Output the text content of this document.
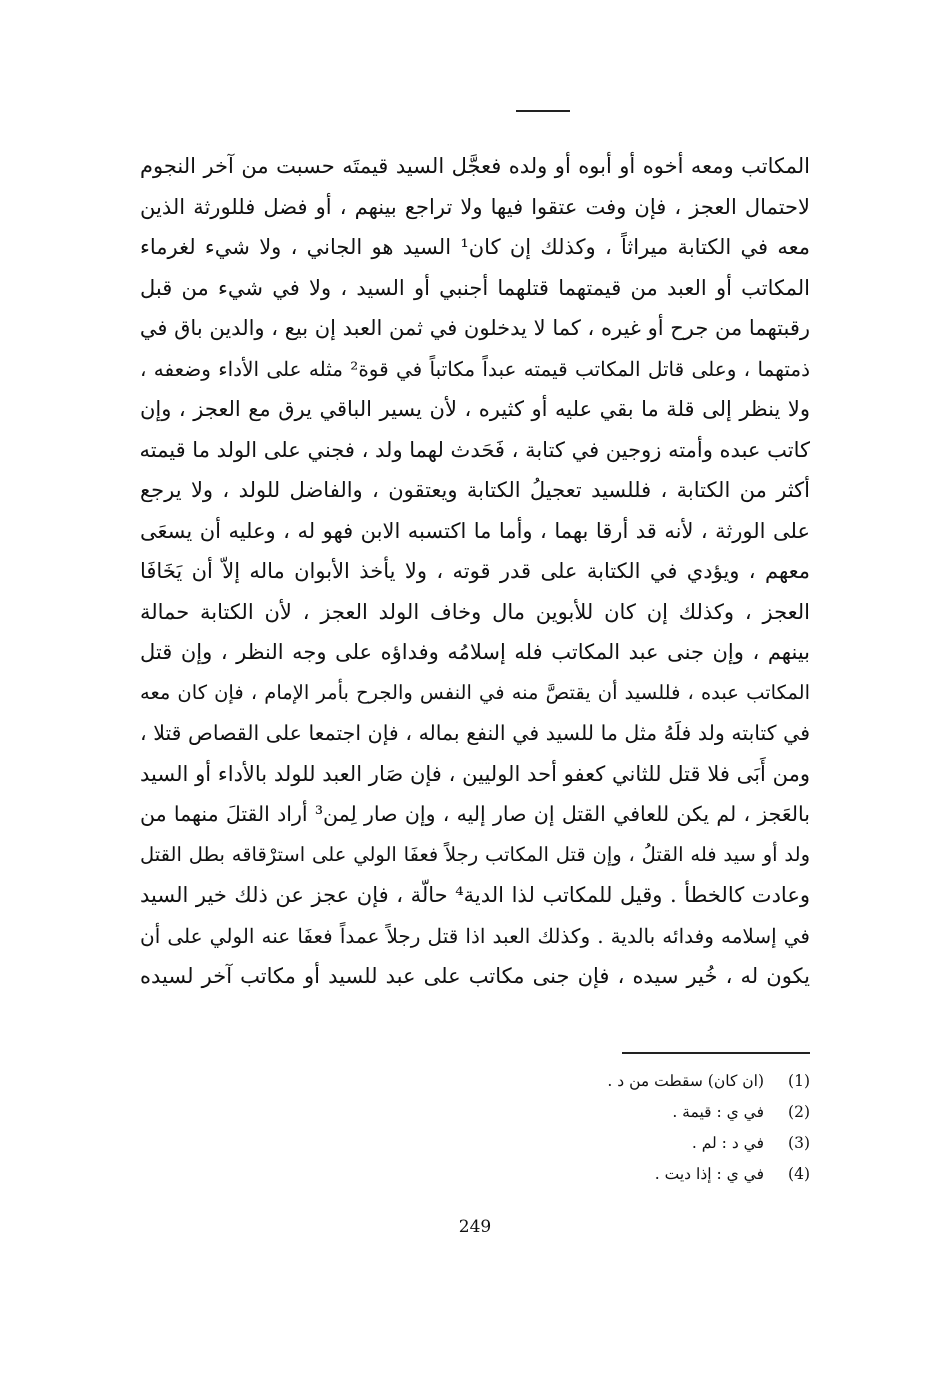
المكاتب ومعه أخوه أو أبوه أو ولده فعجَّل السيد قيمتَه حسبت من آخر النجوم
لاحتمال العجز ، فإن وفت عتقوا فيها ولا تراجع بينهم ، أو فضل فللورثة الذين
معه في الكتابة ميراثاً ، وكذلك إن كان¹ السيد هو الجاني ، ولا شيء لغرماء
المكاتب أو العبد من قيمتهما قتلهما أجنبي أو السيد ، ولا في شيء من قبل
رقبتهما من جرح أو غيره ، كما لا يدخلون في ثمن العبد إن بيع ، والدين باق في
ذمتهما ، وعلى قاتل المكاتب قيمته عبداً مكاتباً في قوة² مثله على الأداء وضعفه ،
ولا ينظر إلى قلة ما بقي عليه أو كثيره ، لأن يسير الباقي يرق مع العجز ، وإن
كاتب عبده وأمته زوجين في كتابة ، فَحَدث لهما ولد ، فجني على الولد ما قيمته
أكثر من الكتابة ، فللسيد تعجيلُ الكتابة ويعتقون ، والفاضل للولد ، ولا يرجع
على الورثة ، لأنه قد أرقا بهما ، وأما ما اكتسبه الابن فهو له ، وعليه أن يسعَى
معهم ، ويؤدي في الكتابة على قدر قوته ، ولا يأخذ الأبوان ماله إلاّ أن يَخَافَا
العجز ، وكذلك إن كان للأبوين مال وخاف الولد العجز ، لأن الكتابة حمالة
بينهم ، وإن جنى عبد المكاتب فله إسلامُه وفداؤه على وجه النظر ، وإن قتل
المكاتب عبده ، فللسيد أن يقتصَّ منه في النفس والجرح بأمر الإمام ، فإن كان معه
في كتابته ولد فلَهُ مثل ما للسيد في النفع بماله ، فإن اجتمعا على القصاص قتلا ،
ومن أَبَى فلا قتل للثاني كعفو أحد الوليين ، فإن صَار العبد للولد بالأداء أو السيد
بالعَجز ، لم يكن للعافي القتل إن صار إليه ، وإن صار لِمن³ أراد القتلَ منهما من
ولد أو سيد فله القتلُ ، وإن قتل المكاتب رجلاً فعفَا الولي على استرْقاقه بطل القتل
وعادت كالخطأ . وقيل للمكاتب لذا الدية⁴ حالّة ، فإن عجز عن ذلك خير السيد
في إسلامه وفدائه بالدية . وكذلك العبد اذا قتل رجلاً عمداً فعفَا عنه الولي على أن
يكون له ، خُير سيده ، فإن جنى مكاتب على عبد للسيد أو مكاتب آخر لسيده
(1)
(ان كان) سقطت من د .
(2)
في ي : قيمة .
(3)
في د : لم .
(4)
في ي : إذا ديت .
249
